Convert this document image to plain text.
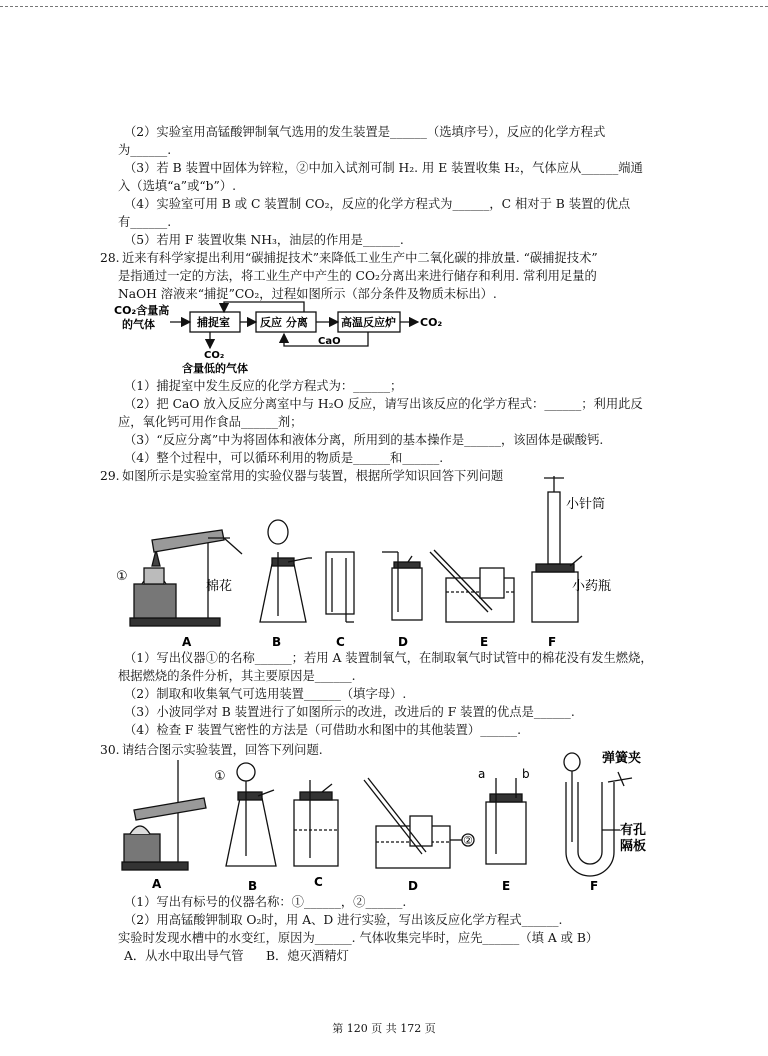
（2）实验室用高锰酸钾制氧气选用的发生装置是______（选填序号），反应的化学方程式
为______.
（3）若 B 装置中固体为锌粒，②中加入试剂可制 H₂. 用 E 装置收集 H₂，气体应从______端通
入（选填“a”或“b”）.
（4）实验室可用 B 或 C 装置制 CO₂，反应的化学方程式为______，C 相对于 B 装置的优点
有______.
（5）若用 F 装置收集 NH₃，油层的作用是______.
28. 近来有科学家提出利用“碳捕捉技术”来降低工业生产中二氧化碳的排放量. “碳捕捉技术”
是指通过一定的方法，将工业生产中产生的 CO₂分离出来进行储存和利用. 常利用足量的
NaOH 溶液来“捕捉”CO₂，过程如图所示（部分条件及物质未标出）.
CO₂含量高
的气体	捕捉室	反应 分离	高温反应炉 CO₂
CaO
CO₂
含量低的气体
（1）捕捉室中发生反应的化学方程式为：______；
（2）把 CaO 放入反应分离室中与 H₂O 反应，请写出该反应的化学方程式：______；利用此反
应，氧化钙可用作食品______剂；
（3）“反应分离”中为将固体和液体分离，所用到的基本操作是______，该固体是碳酸钙.
（4）整个过程中，可以循环利用的物质是______和______.
29. 如图所示是实验室常用的实验仪器与装置，根据所学知识回答下列问题
①
棉花
小针筒
小药瓶
A	B	C	D	E	F
（1）写出仪器①的名称______；若用 A 装置制氧气，在制取氧气时试管中的棉花没有发生燃烧，
根据燃烧的条件分析，其主要原因是______.
（2）制取和收集氧气可选用装置______（填字母）.
（3）小波同学对 B 装置进行了如图所示的改进，改进后的 F 装置的优点是______.
（4）检查 F 装置气密性的方法是（可借助水和图中的其他装置）______.
30. 请结合图示实验装置，回答下列问题.
①
②
a	b
弹簧夹
有孔
隔板
A	B	C	D	E	F
（1）写出有标号的仪器名称：①______，②______.
（2）用高锰酸钾制取 O₂时，用 A、D 进行实验，写出该反应化学方程式______.
实验时发现水槽中的水变红，原因为______. 气体收集完毕时，应先______（填 A 或 B）
A．从水中取出导气管 B．熄灭酒精灯
第 120 页 共 172 页
